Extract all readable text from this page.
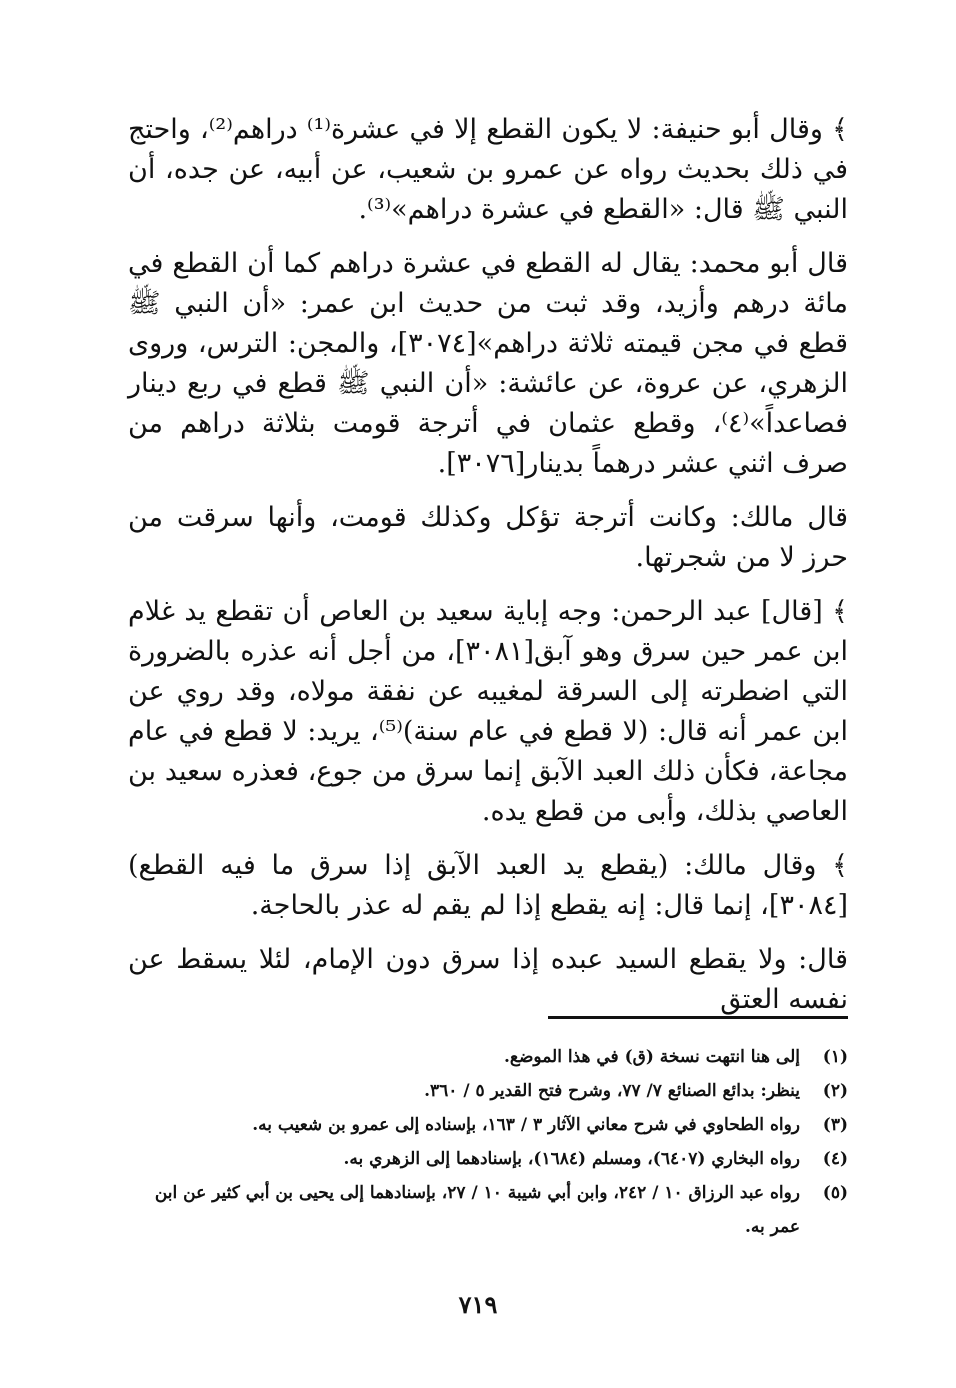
﴾ وقال أبو حنيفة: لا يكون القطع إلا في عشرة⁽¹⁾ دراهم⁽²⁾، واحتج في ذلك بحديث رواه عن عمرو بن شعيب، عن أبيه، عن جده، أن النبي ﷺ قال: «القطع في عشرة دراهم»⁽³⁾.

قال أبو محمد: يقال له القطع في عشرة دراهم كما أن القطع في مائة درهم وأزيد، وقد ثبت من حديث ابن عمر: «أن النبي ﷺ قطع في مجن قيمته ثلاثة دراهم»[٣٠٧٤]، والمجن: الترس، وروى الزهري، عن عروة، عن عائشة: «أن النبي ﷺ قطع في ربع دينار فصاعداً»⁽٤⁾، وقطع عثمان في أترجة قومت بثلاثة دراهم من صرف اثني عشر درهماً بدينار[٣٠٧٦].

قال مالك: وكانت أترجة تؤكل وكذلك قومت، وأنها سرقت من حرز لا من شجرتها.

﴾ [قال] عبد الرحمن: وجه إباية سعيد بن العاص أن تقطع يد غلام ابن عمر حين سرق وهو آبق[٣٠٨١]، من أجل أنه عذره بالضرورة التي اضطرته إلى السرقة لمغيبه عن نفقة مولاه، وقد روي عن ابن عمر أنه قال: (لا قطع في عام سنة)⁽⁵⁾، يريد: لا قطع في عام مجاعة، فكأن ذلك العبد الآبق إنما سرق من جوع، فعذره سعيد بن العاصي بذلك، وأبى من قطع يده.

﴾ وقال مالك: (يقطع يد العبد الآبق إذا سرق ما فيه القطع)[٣٠٨٤]، إنما قال: إنه يقطع إذا لم يقم له عذر بالحاجة.

قال: ولا يقطع السيد عبده إذا سرق دون الإمام، لئلا يسقط عن نفسه العتق

(١)
إلى هنا انتهت نسخة (ق) في هذا الموضع.
(٢)
ينظر: بدائع الصنائع ٧/ ٧٧، وشرح فتح القدير ٥ / ٣٦٠.
(٣)
رواه الطحاوي في شرح معاني الآثار ٣ / ١٦٣، بإسناده إلى عمرو بن شعيب به.
(٤)
رواه البخاري (٦٤٠٧)، ومسلم (١٦٨٤)، بإسنادهما إلى الزهري به.
(٥)
رواه عبد الرزاق ١٠ / ٢٤٢، وابن أبي شيبة ١٠ / ٢٧، بإسنادهما إلى يحيى بن أبي كثير عن ابن عمر به.
٧١٩
